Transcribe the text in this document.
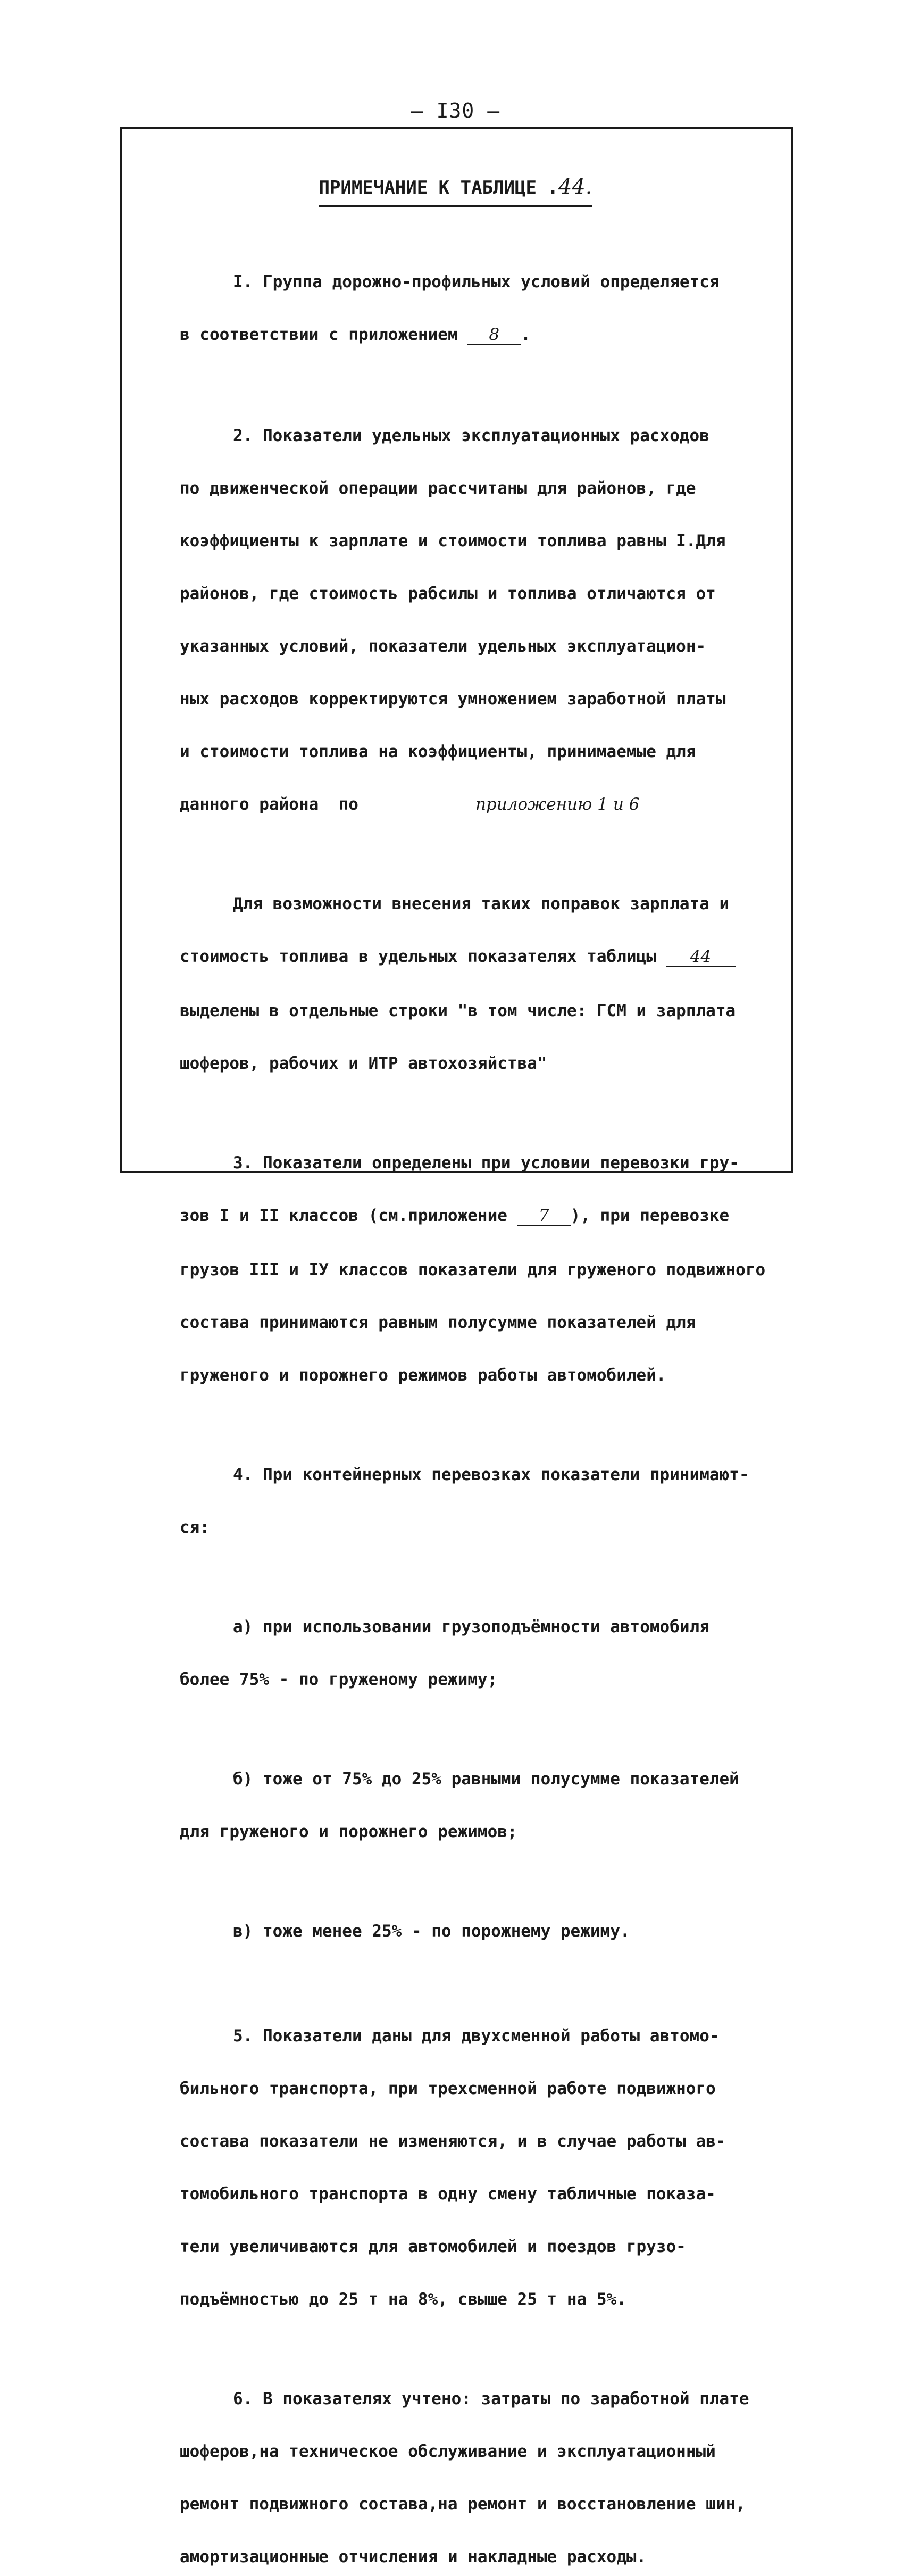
– I30 –
ПРИМЕЧАНИЕ К ТАБЛИЦЕ .44.

I. Группа дорожно-профильных условий определяется

в соответствии с приложением 8 .

2. Показатели удельных эксплуатационных расходов

по движенческой операции рассчитаны для районов, где

коэффициенты к зарплате и стоимости топлива равны I.Для

районов, где стоимость рабсилы и топлива отличаются от

указанных условий, показатели удельных эксплуатацион-

ных расходов корректируются умножением заработной платы

и стоимости топлива на коэффициенты, принимаемые для

данного района  по	приложению 1 и 6

Для возможности внесения таких поправок зарплата и

стоимость топлива в удельных показателях таблицы 44

выделены в отдельные строки "в том числе: ГСМ и зарплата

шоферов, рабочих и ИТР автохозяйства"

3. Показатели определены при условии перевозки гру-

зов I и II классов (см.приложение 7 ), при перевозке

грузов III и IУ классов показатели для груженого подвижного

состава принимаются равным полусумме показателей для

груженого и порожнего режимов работы автомобилей.

4. При контейнерных перевозках показатели принимают-

ся:

а) при использовании грузоподъёмности автомобиля

более 75% - по груженому режиму;

б) тоже от 75% до 25% равными полусумме показателей

для груженого и порожнего режимов;

в) тоже менее 25% - по порожнему режиму.

5. Показатели даны для двухсменной работы автомо-

бильного транспорта, при трехсменной работе подвижного

состава показатели не изменяются, и в случае работы ав-

томобильного транспорта в одну смену табличные показа-

тели увеличиваются для автомобилей и поездов грузо-

подъёмностью до 25 т на 8%, свыше 25 т на 5%.

6. В показателях учтено: затраты по заработной плате

шоферов,на техническое обслуживание и эксплуатационный

ремонт подвижного состава,на ремонт и восстановление шин,

амортизационные отчисления и накладные расходы.
